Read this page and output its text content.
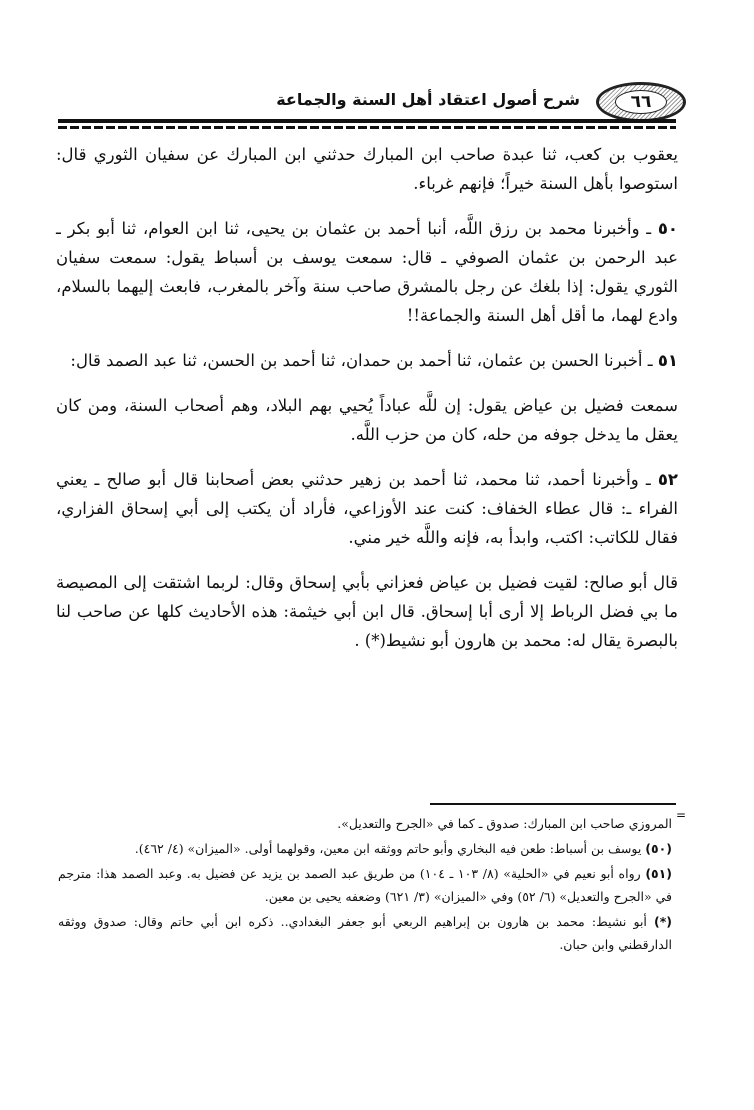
٦٦
شرح أصول اعتقاد أهل السنة والجماعة

يعقوب بن كعب، ثنا عبدة صاحب ابن المبارك حدثني ابن المبارك عن سفيان الثوري قال: استوصوا بأهل السنة خيراً؛ فإنهم غرباء.

٥٠ ـ وأخبرنا محمد بن رزق اللَّه، أنبا أحمد بن عثمان بن يحيى، ثنا ابن العوام، ثنا أبو بكر ـ عبد الرحمن بن عثمان الصوفي ـ قال: سمعت يوسف بن أسباط يقول: سمعت سفيان الثوري يقول: إذا بلغك عن رجل بالمشرق صاحب سنة وآخر بالمغرب، فابعث إليهما بالسلام، وادع لهما، ما أقل أهل السنة والجماعة!!

٥١ ـ أخبرنا الحسن بن عثمان، ثنا أحمد بن حمدان، ثنا أحمد بن الحسن، ثنا عبد الصمد قال:

سمعت فضيل بن عياض يقول: إن للَّه عباداً يُحيي بهم البلاد، وهم أصحاب السنة، ومن كان يعقل ما يدخل جوفه من حله، كان من حزب اللَّه.

٥٢ ـ وأخبرنا أحمد، ثنا محمد، ثنا أحمد بن زهير حدثني بعض أصحابنا قال أبو صالح ـ يعني الفراء ـ: قال عطاء الخفاف: كنت عند الأوزاعي، فأراد أن يكتب إلى أبي إسحاق الفزاري، فقال للكاتب: اكتب، وابدأ به، فإنه واللَّه خير مني.

قال أبو صالح: لقيت فضيل بن عياض فعزاني بأبي إسحاق وقال: لربما اشتقت إلى المصيصة ما بي فضل الرباط إلا أرى أبا إسحاق. قال ابن أبي خيثمة: هذه الأحاديث كلها عن صاحب لنا بالبصرة يقال له: محمد بن هارون أبو نشيط(*) .

=

المروزي صاحب ابن المبارك: صدوق ـ كما في «الجرح والتعديل».

(٥٠) يوسف بن أسباط: طعن فيه البخاري وأبو حاتم ووثقه ابن معين، وقولهما أولى. «الميزان» (٤/ ٤٦٢).

(٥١) رواه أبو نعيم في «الحلية» (٨/ ١٠٣ ـ ١٠٤) من طريق عبد الصمد بن يزيد عن فضيل به. وعبد الصمد هذا: مترجم في «الجرح والتعديل» (٦/ ٥٢) وفي «الميزان» (٣/ ٦٢١) وضعفه يحيى بن معين.

(*) أبو نشيط: محمد بن هارون بن إبراهيم الربعي أبو جعفر البغدادي.. ذكره ابن أبي حاتم وقال: صدوق ووثقه الدارقطني وابن حبان.
